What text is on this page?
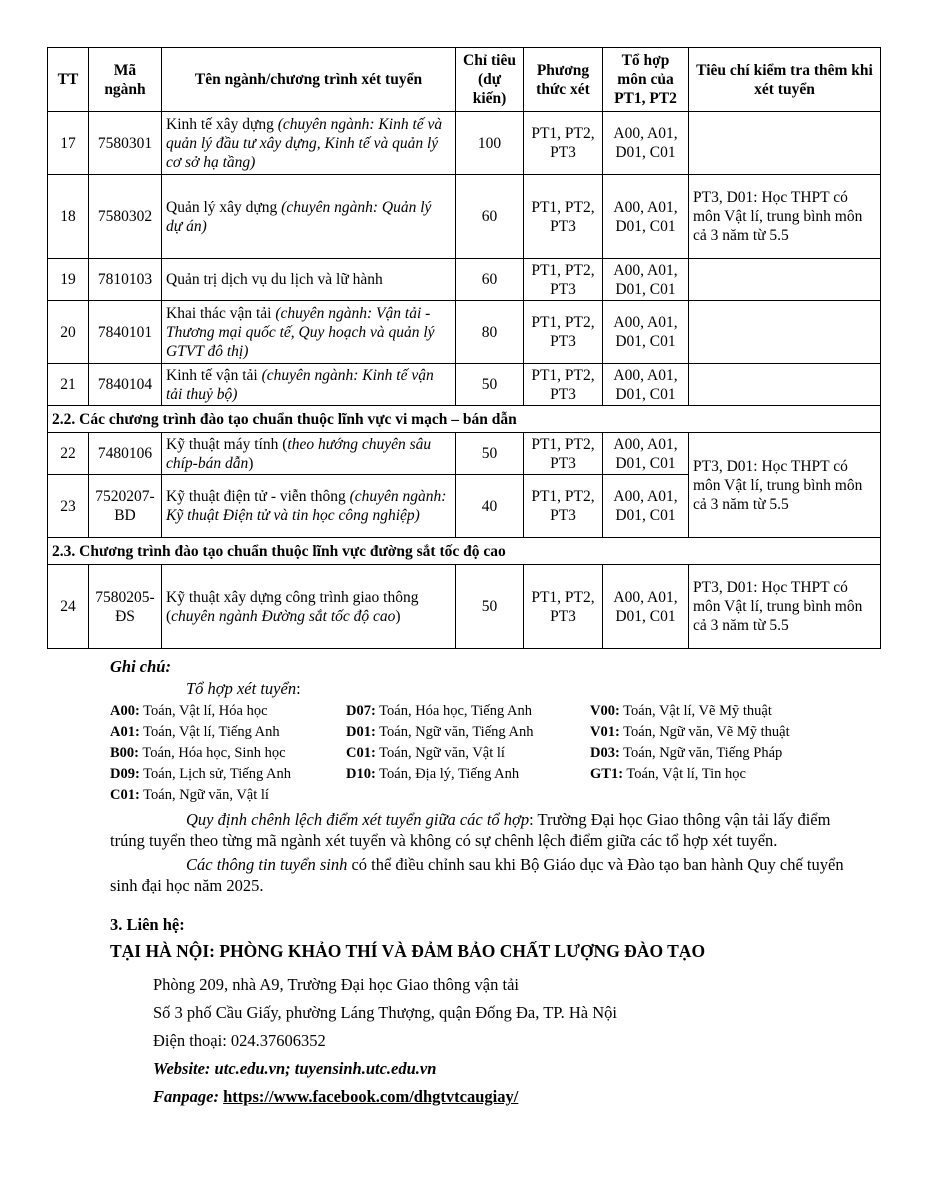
TT	Mã ngành	Tên ngành/chương trình xét tuyển	Chỉ tiêu (dự kiến)	Phương thức xét	Tổ hợp môn của PT1, PT2	Tiêu chí kiểm tra thêm khi xét tuyển
17	7580301	Kinh tế xây dựng (chuyên ngành: Kinh tế và quản lý đầu tư xây dựng, Kinh tế và quản lý cơ sở hạ tầng)	100	PT1, PT2, PT3	A00, A01, D01, C01	
18	7580302	Quản lý xây dựng (chuyên ngành: Quản lý dự án)	60	PT1, PT2, PT3	A00, A01, D01, C01	PT3, D01: Học THPT có môn Vật lí, trung bình môn cả 3 năm từ 5.5
19	7810103	Quản trị dịch vụ du lịch và lữ hành	60	PT1, PT2, PT3	A00, A01, D01, C01	
20	7840101	Khai thác vận tải (chuyên ngành: Vận tải - Thương mại quốc tế, Quy hoạch và quản lý GTVT đô thị)	80	PT1, PT2, PT3	A00, A01, D01, C01	
21	7840104	Kinh tế vận tải (chuyên ngành: Kinh tế vận tải thuỷ bộ)	50	PT1, PT2, PT3	A00, A01, D01, C01	
2.2. Các chương trình đào tạo chuẩn thuộc lĩnh vực vi mạch – bán dẫn						
22	7480106	Kỹ thuật máy tính (theo hướng chuyên sâu chíp-bán dẫn)	50	PT1, PT2, PT3	A00, A01, D01, C01	PT3, D01: Học THPT có môn Vật lí, trung bình môn cả 3 năm từ 5.5
23	7520207-BD	Kỹ thuật điện tử - viễn thông (chuyên ngành: Kỹ thuật Điện tử và tin học công nghiệp)	40	PT1, PT2, PT3	A00, A01, D01, C01	
2.3. Chương trình đào tạo chuẩn thuộc lĩnh vực đường sắt tốc độ cao						
24	7580205-ĐS	Kỹ thuật xây dựng công trình giao thông (chuyên ngành Đường sắt tốc độ cao)	50	PT1, PT2, PT3	A00, A01, D01, C01	PT3, D01: Học THPT có môn Vật lí, trung bình môn cả 3 năm từ 5.5
Ghi chú:
Tổ hợp xét tuyển:
A00: Toán, Vật lí, Hóa học	D07: Toán, Hóa học, Tiếng Anh	V00: Toán, Vật lí, Vẽ Mỹ thuật
A01: Toán, Vật lí, Tiếng Anh	D01: Toán, Ngữ văn, Tiếng Anh	V01: Toán, Ngữ văn, Vẽ Mỹ thuật
B00: Toán, Hóa học, Sinh học	C01: Toán, Ngữ văn, Vật lí	D03: Toán, Ngữ văn, Tiếng Pháp
D09: Toán, Lịch sử, Tiếng Anh	D10: Toán, Địa lý, Tiếng Anh	GT1: Toán, Vật lí, Tin học
C01: Toán, Ngữ văn, Vật lí
Quy định chênh lệch điểm xét tuyển giữa các tổ hợp: Trường Đại học Giao thông vận tải lấy điểm trúng tuyển theo từng mã ngành xét tuyển và không có sự chênh lệch điểm giữa các tổ hợp xét tuyển.
Các thông tin tuyển sinh có thể điều chỉnh sau khi Bộ Giáo dục và Đào tạo ban hành Quy chế tuyển sinh đại học năm 2025.
3. Liên hệ:
TẠI HÀ NỘI: PHÒNG KHẢO THÍ VÀ ĐẢM BẢO CHẤT LƯỢNG ĐÀO TẠO
Phòng 209, nhà A9, Trường Đại học Giao thông vận tải
Số 3 phố Cầu Giấy, phường Láng Thượng, quận Đống Đa, TP. Hà Nội
Điện thoại: 024.37606352
Website: utc.edu.vn; tuyensinh.utc.edu.vn
Fanpage: https://www.facebook.com/dhgtvtcaugiay/
